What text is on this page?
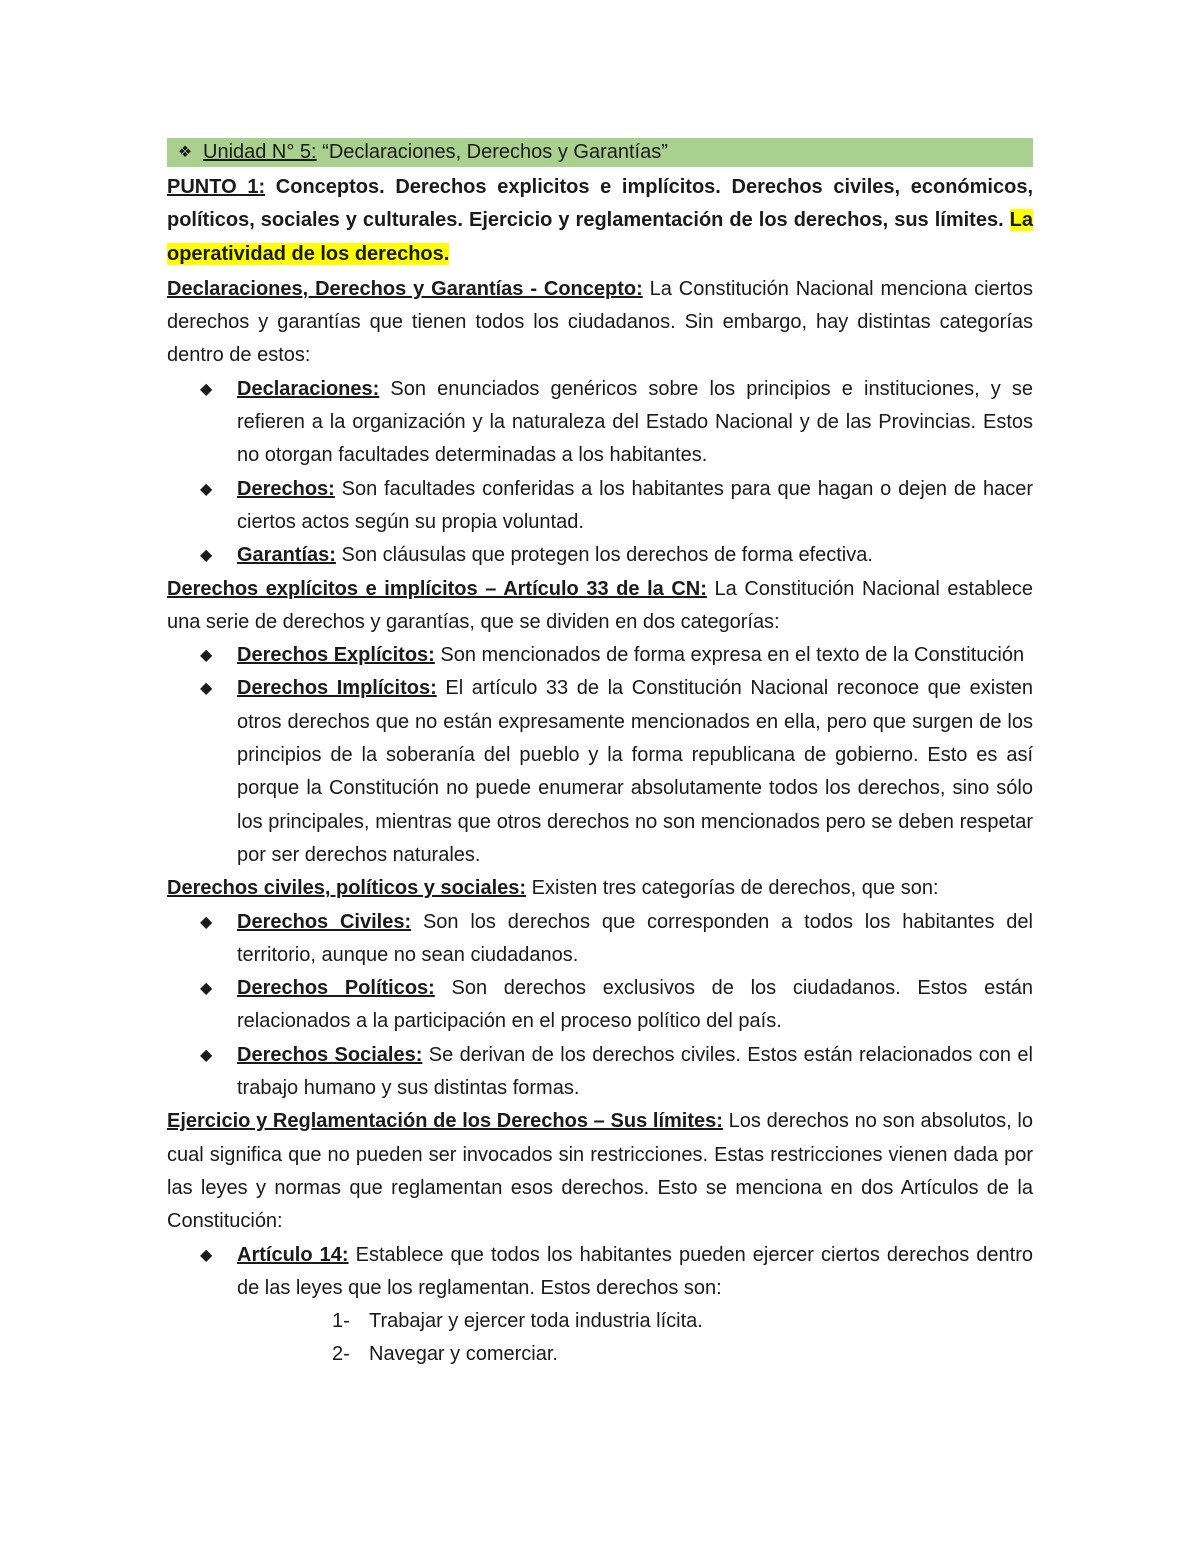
❖ Unidad N° 5: “Declaraciones, Derechos y Garantías”

PUNTO 1: Conceptos. Derechos explicitos e implícitos. Derechos civiles, económicos, políticos, sociales y culturales. Ejercicio y reglamentación de los derechos, sus límites. La operatividad de los derechos.

Declaraciones, Derechos y Garantías - Concepto: La Constitución Nacional menciona ciertos derechos y garantías que tienen todos los ciudadanos. Sin embargo, hay distintas categorías dentro de estos:

◆ Declaraciones: Son enunciados genéricos sobre los principios e instituciones, y se refieren a la organización y la naturaleza del Estado Nacional y de las Provincias. Estos no otorgan facultades determinadas a los habitantes.
◆ Derechos: Son facultades conferidas a los habitantes para que hagan o dejen de hacer ciertos actos según su propia voluntad.
◆ Garantías: Son cláusulas que protegen los derechos de forma efectiva.

Derechos explícitos e implícitos – Artículo 33 de la CN: La Constitución Nacional establece una serie de derechos y garantías, que se dividen en dos categorías:

◆ Derechos Explícitos: Son mencionados de forma expresa en el texto de la Constitución
◆ Derechos Implícitos: El artículo 33 de la Constitución Nacional reconoce que existen otros derechos que no están expresamente mencionados en ella, pero que surgen de los principios de la soberanía del pueblo y la forma republicana de gobierno. Esto es así porque la Constitución no puede enumerar absolutamente todos los derechos, sino sólo los principales, mientras que otros derechos no son mencionados pero se deben respetar por ser derechos naturales.

Derechos civiles, políticos y sociales: Existen tres categorías de derechos, que son:

◆ Derechos Civiles: Son los derechos que corresponden a todos los habitantes del territorio, aunque no sean ciudadanos.
◆ Derechos Políticos: Son derechos exclusivos de los ciudadanos. Estos están relacionados a la participación en el proceso político del país.
◆ Derechos Sociales: Se derivan de los derechos civiles. Estos están relacionados con el trabajo humano y sus distintas formas.

Ejercicio y Reglamentación de los Derechos – Sus límites: Los derechos no son absolutos, lo cual significa que no pueden ser invocados sin restricciones. Estas restricciones vienen dada por las leyes y normas que reglamentan esos derechos. Esto se menciona en dos Artículos de la Constitución:

◆ Artículo 14: Establece que todos los habitantes pueden ejercer ciertos derechos dentro de las leyes que los reglamentan. Estos derechos son:
1- Trabajar y ejercer toda industria lícita.
2- Navegar y comerciar.
